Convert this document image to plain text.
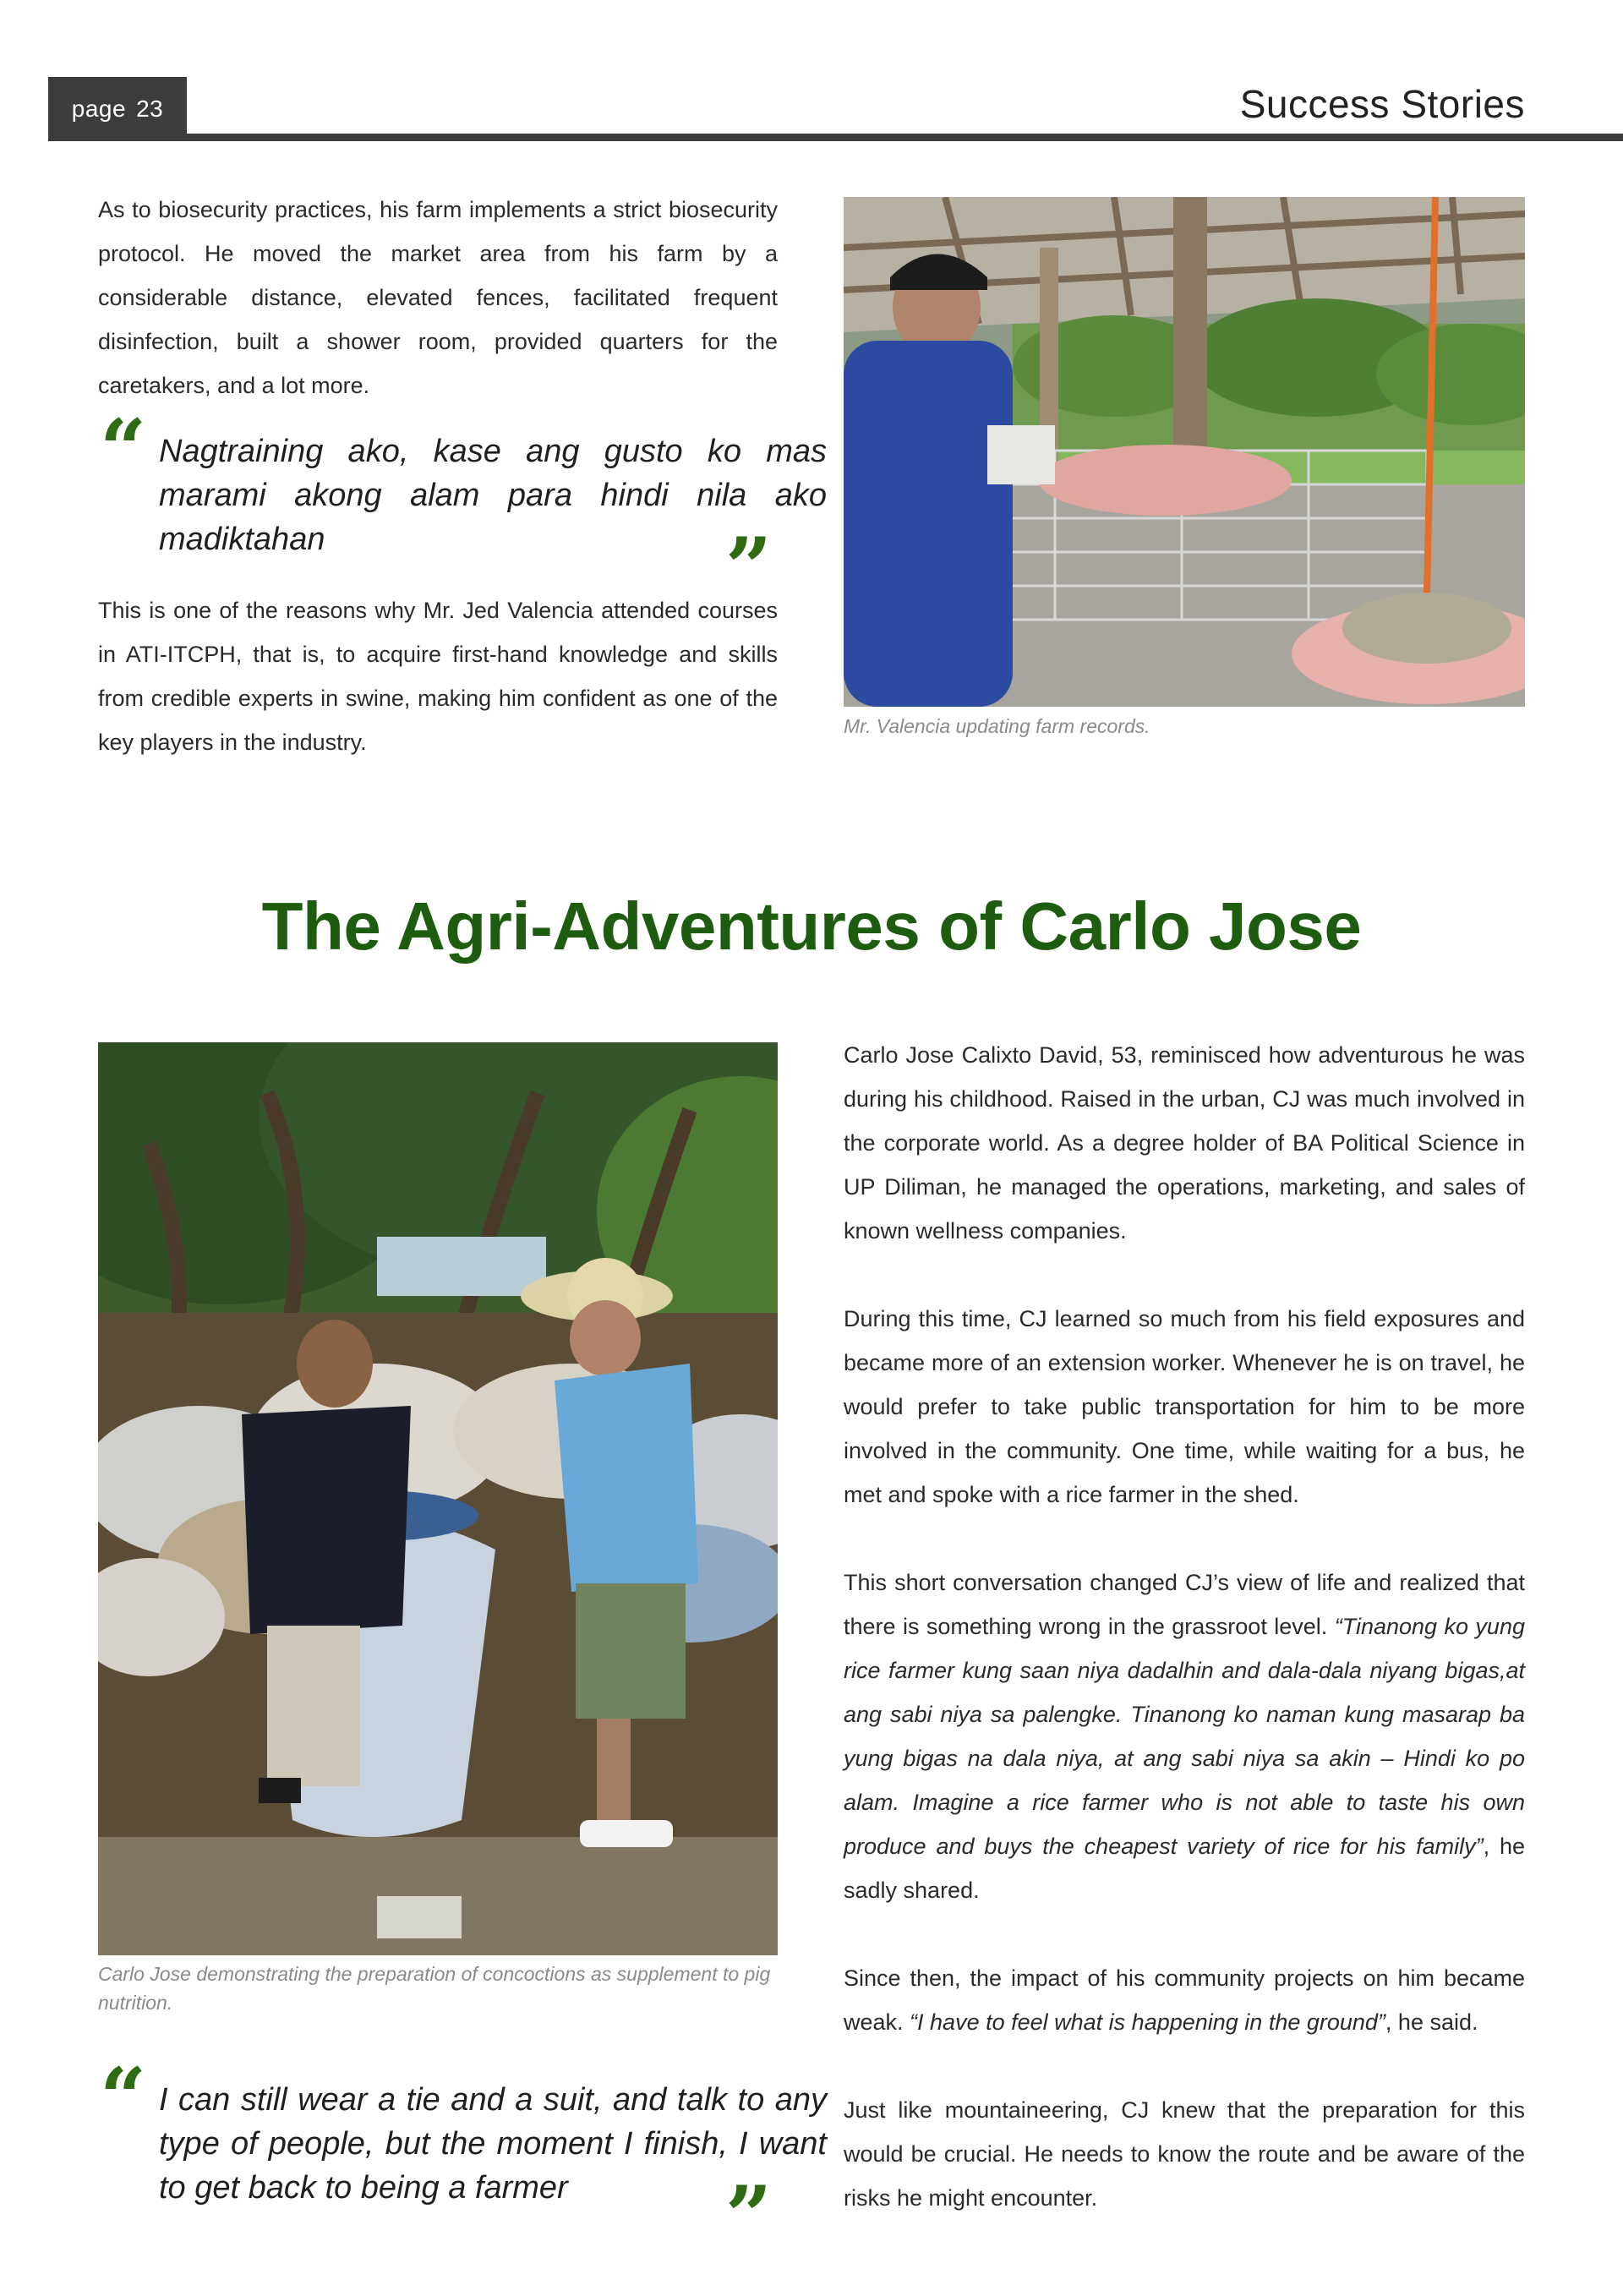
page 23	Success Stories

As to biosecurity practices, his farm implements a strict biosecurity protocol. He moved the market area from his farm by a considerable distance, elevated fences, facilitated frequent disinfection, built a shower room, provided quarters for the caretakers, and a lot more.

“ Nagtraining ako, kase ang gusto ko mas marami akong alam para hindi nila ako madiktahan	”

This is one of the reasons why Mr. Jed Valencia attended courses in ATI-ITCPH, that is, to acquire first-hand knowledge and skills from credible experts in swine, making him confident as one of the key players in the industry.

Mr. Valencia updating farm records.

The Agri-Adventures of Carlo Jose

Carlo Jose demonstrating the preparation of concoctions as supplement to pig nutrition.

“ I can still wear a tie and a suit, and talk to any type of people, but the moment I finish, I want to get back to being a farmer	”

Carlo Jose Calixto David, 53, reminisced how adventurous he was during his childhood. Raised in the urban, CJ was much involved in the corporate world. As a degree holder of BA Political Science in UP Diliman, he managed the operations, marketing, and sales of known wellness companies.

During this time, CJ learned so much from his field exposures and became more of an extension worker. Whenever he is on travel, he would prefer to take public transportation for him to be more involved in the community. One time, while waiting for a bus, he met and spoke with a rice farmer in the shed.

This short conversation changed CJ’s view of life and realized that there is something wrong in the grassroot level. “Tinanong ko yung rice farmer kung saan niya dadalhin and dala-dala niyang bigas,at ang sabi niya sa palengke. Tinanong ko naman kung masarap ba yung bigas na dala niya, at ang sabi niya sa akin – Hindi ko po alam. Imagine a rice farmer who is not able to taste his own produce and buys the cheapest variety of rice for his family”, he sadly shared.

Since then, the impact of his community projects on him became weak. “I have to feel what is happening in the ground”, he said.

Just like mountaineering, CJ knew that the preparation for this would be crucial. He needs to know the route and be aware of the risks he might encounter.
